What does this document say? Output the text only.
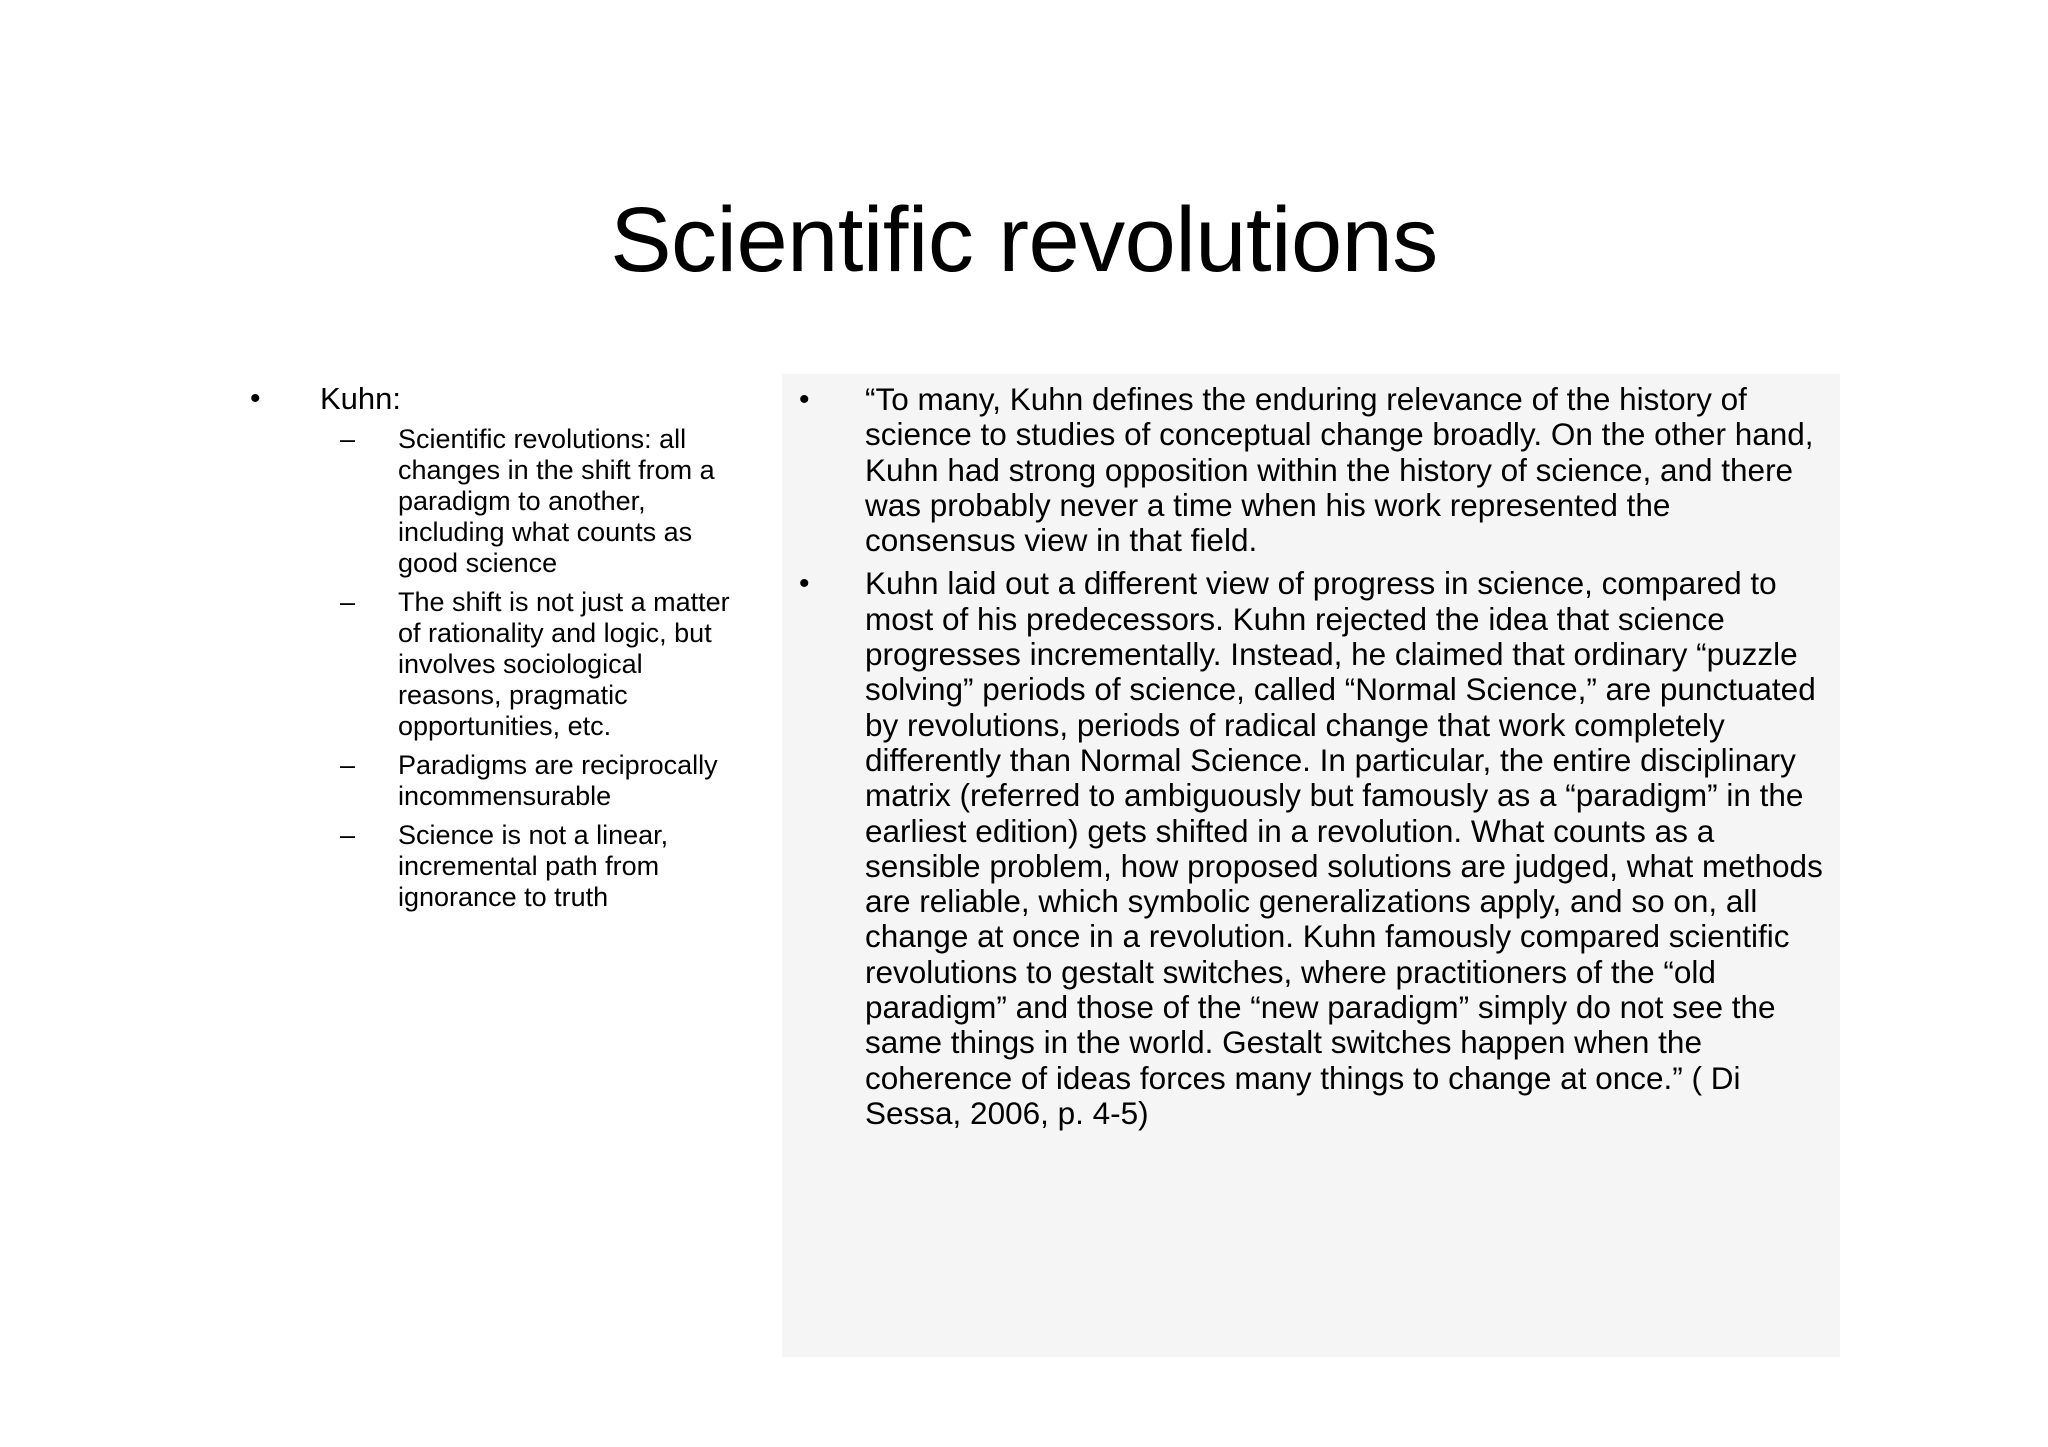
Scientific revolutions
• Kuhn:
– Scientific revolutions: all changes in the shift from a paradigm to another, including what counts as good science
– The shift is not just a matter of rationality and logic, but involves sociological reasons, pragmatic opportunities, etc.
– Paradigms are reciprocally incommensurable
– Science is not a linear, incremental path from ignorance to truth
• “To many, Kuhn defines the enduring relevance of the history of science to studies of conceptual change broadly. On the other hand, Kuhn had strong opposition within the history of science, and there was probably never a time when his work represented the consensus view in that field.
• Kuhn laid out a different view of progress in science, compared to most of his predecessors. Kuhn rejected the idea that science progresses incrementally. Instead, he claimed that ordinary “puzzle solving” periods of science, called “Normal Science,” are punctuated by revolutions, periods of radical change that work completely differently than Normal Science. In particular, the entire disciplinary matrix (referred to ambiguously but famously as a “paradigm” in the earliest edition) gets shifted in a revolution. What counts as a sensible problem, how proposed solutions are judged, what methods are reliable, which symbolic generalizations apply, and so on, all change at once in a revolution. Kuhn famously compared scientific revolutions to gestalt switches, where practitioners of the “old paradigm” and those of the “new paradigm” simply do not see the same things in the world. Gestalt switches happen when the coherence of ideas forces many things to change at once.” ( Di Sessa, 2006, p. 4-5)
